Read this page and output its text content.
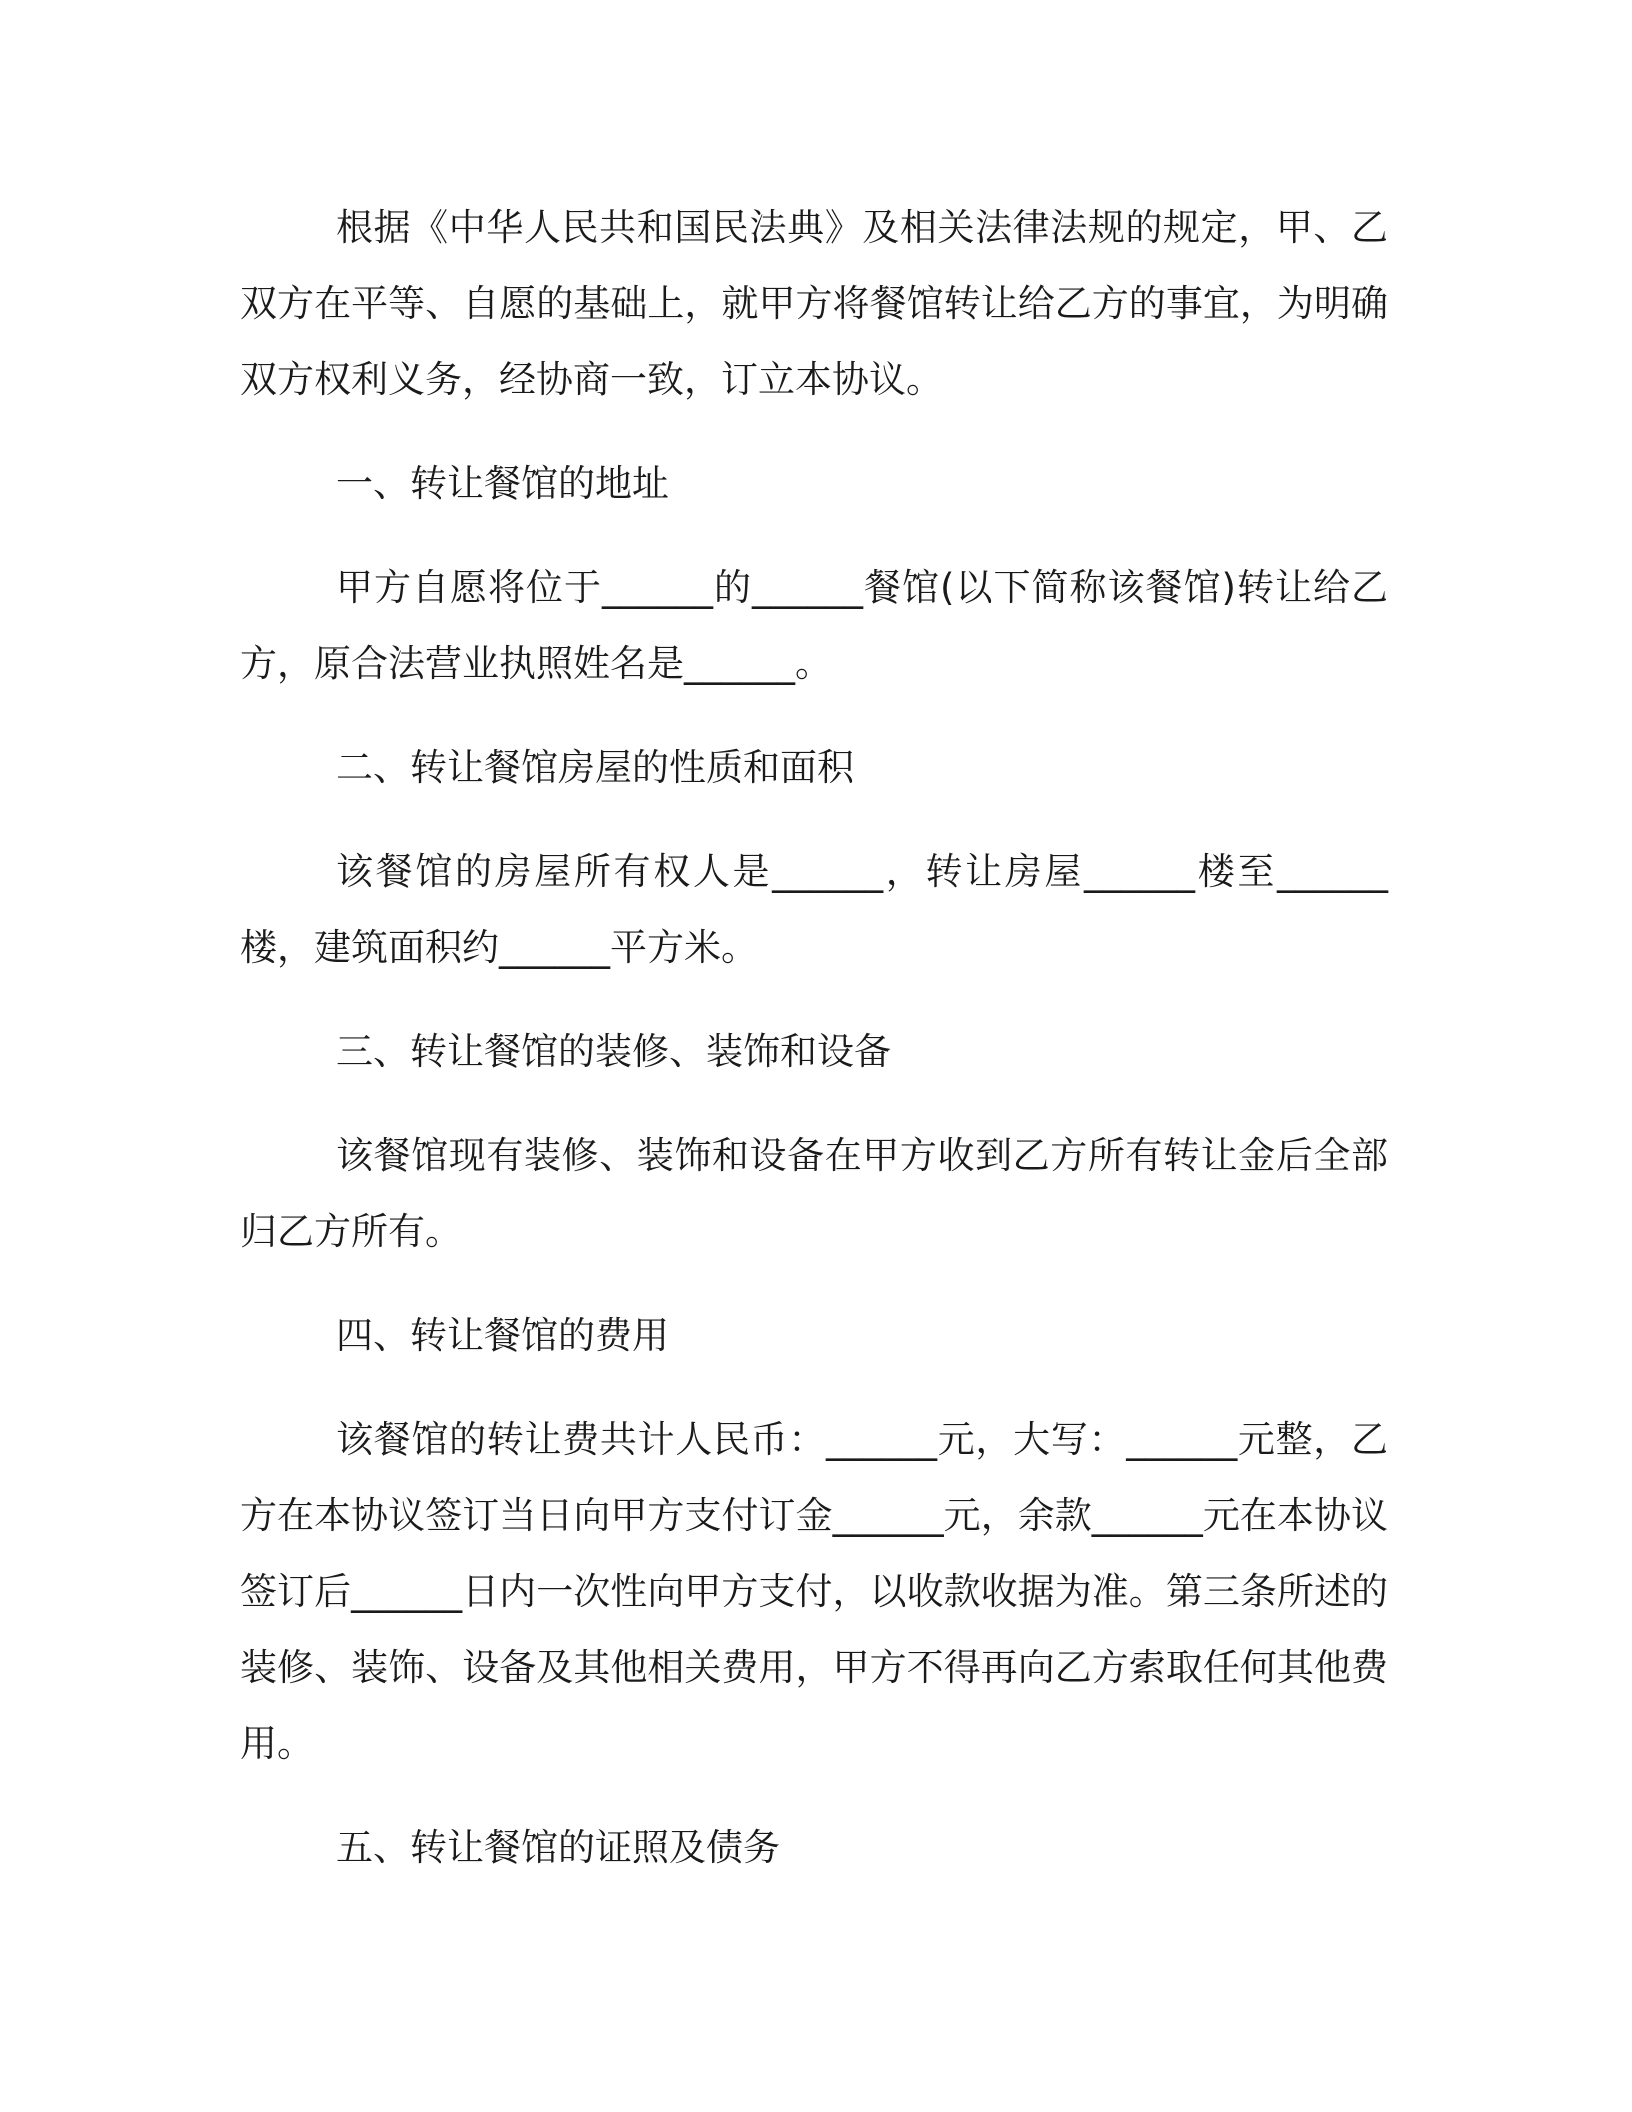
根据《中华人民共和国民法典》及相关法律法规的规定，甲、乙双方在平等、自愿的基础上，就甲方将餐馆转让给乙方的事宜，为明确双方权利义务，经协商一致，订立本协议。

一、转让餐馆的地址

甲方自愿将位于______的______餐馆(以下简称该餐馆)转让给乙方，原合法营业执照姓名是______。

二、转让餐馆房屋的性质和面积

该餐馆的房屋所有权人是______，转让房屋______楼至______楼，建筑面积约______平方米。

三、转让餐馆的装修、装饰和设备

该餐馆现有装修、装饰和设备在甲方收到乙方所有转让金后全部归乙方所有。

四、转让餐馆的费用

该餐馆的转让费共计人民币：______元，大写：______元整，乙方在本协议签订当日向甲方支付订金______元，余款______元在本协议签订后______日内一次性向甲方支付，以收款收据为准。第三条所述的装修、装饰、设备及其他相关费用，甲方不得再向乙方索取任何其他费用。

五、转让餐馆的证照及债务
